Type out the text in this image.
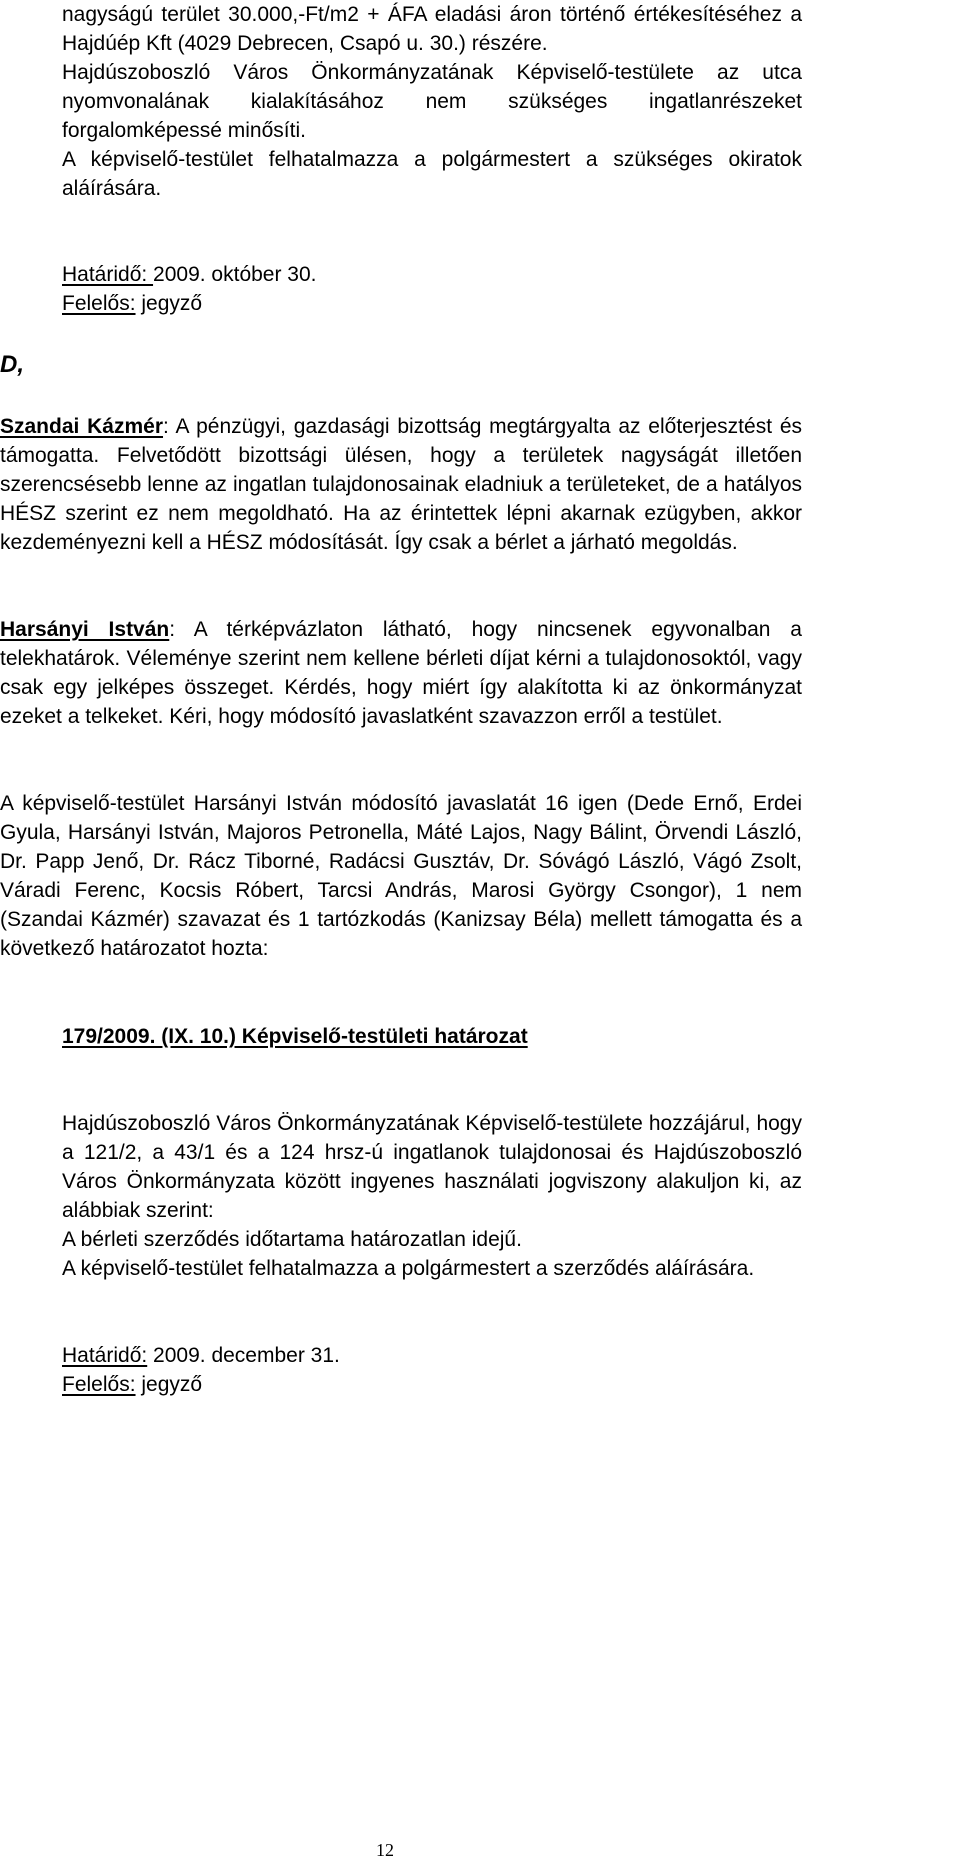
nagyságú terület 30.000,-Ft/m2 + ÁFA eladási áron történő értékesítéséhez a Hajdúép Kft (4029 Debrecen, Csapó u. 30.) részére.

Hajdúszoboszló Város Önkormányzatának Képviselő-testülete az utca nyomvonalának kialakításához nem szükséges ingatlanrészeket forgalomképessé minősíti.

A képviselő-testület felhatalmazza a polgármestert a szükséges okiratok aláírására.

Határidő: 2009. október 30.

Felelős: jegyző

D,

Szandai Kázmér: A pénzügyi, gazdasági bizottság megtárgyalta az előterjesztést és támogatta. Felvetődött bizottsági ülésen, hogy a területek nagyságát illetően szerencsésebb lenne az ingatlan tulajdonosainak eladniuk a területeket, de a hatályos HÉSZ szerint ez nem megoldható. Ha az érintettek lépni akarnak ezügyben, akkor kezdeményezni kell a HÉSZ módosítását. Így csak a bérlet a járható megoldás.

Harsányi István: A térképvázlaton látható, hogy nincsenek egyvonalban a telekhatárok. Véleménye szerint nem kellene bérleti díjat kérni a tulajdonosoktól, vagy csak egy jelképes összeget. Kérdés, hogy miért így alakította ki az önkormányzat ezeket a telkeket. Kéri, hogy módosító javaslatként szavazzon erről a testület.

A képviselő-testület Harsányi István módosító javaslatát 16 igen (Dede Ernő, Erdei Gyula, Harsányi István, Majoros Petronella, Máté Lajos, Nagy Bálint, Örvendi László, Dr. Papp Jenő, Dr. Rácz Tiborné, Radácsi Gusztáv, Dr. Sóvágó László, Vágó Zsolt, Váradi Ferenc, Kocsis Róbert, Tarcsi András, Marosi György Csongor), 1 nem (Szandai Kázmér) szavazat és 1 tartózkodás (Kanizsay Béla) mellett támogatta és a következő határozatot hozta:

179/2009. (IX. 10.) Képviselő-testületi határozat

Hajdúszoboszló Város Önkormányzatának Képviselő-testülete hozzájárul, hogy a 121/2, a 43/1 és a 124 hrsz-ú ingatlanok tulajdonosai és Hajdúszoboszló Város Önkormányzata között ingyenes használati jogviszony alakuljon ki, az alábbiak szerint:

A bérleti szerződés időtartama határozatlan idejű.

A képviselő-testület felhatalmazza a polgármestert a szerződés aláírására.

Határidő: 2009. december 31.

Felelős: jegyző

12
